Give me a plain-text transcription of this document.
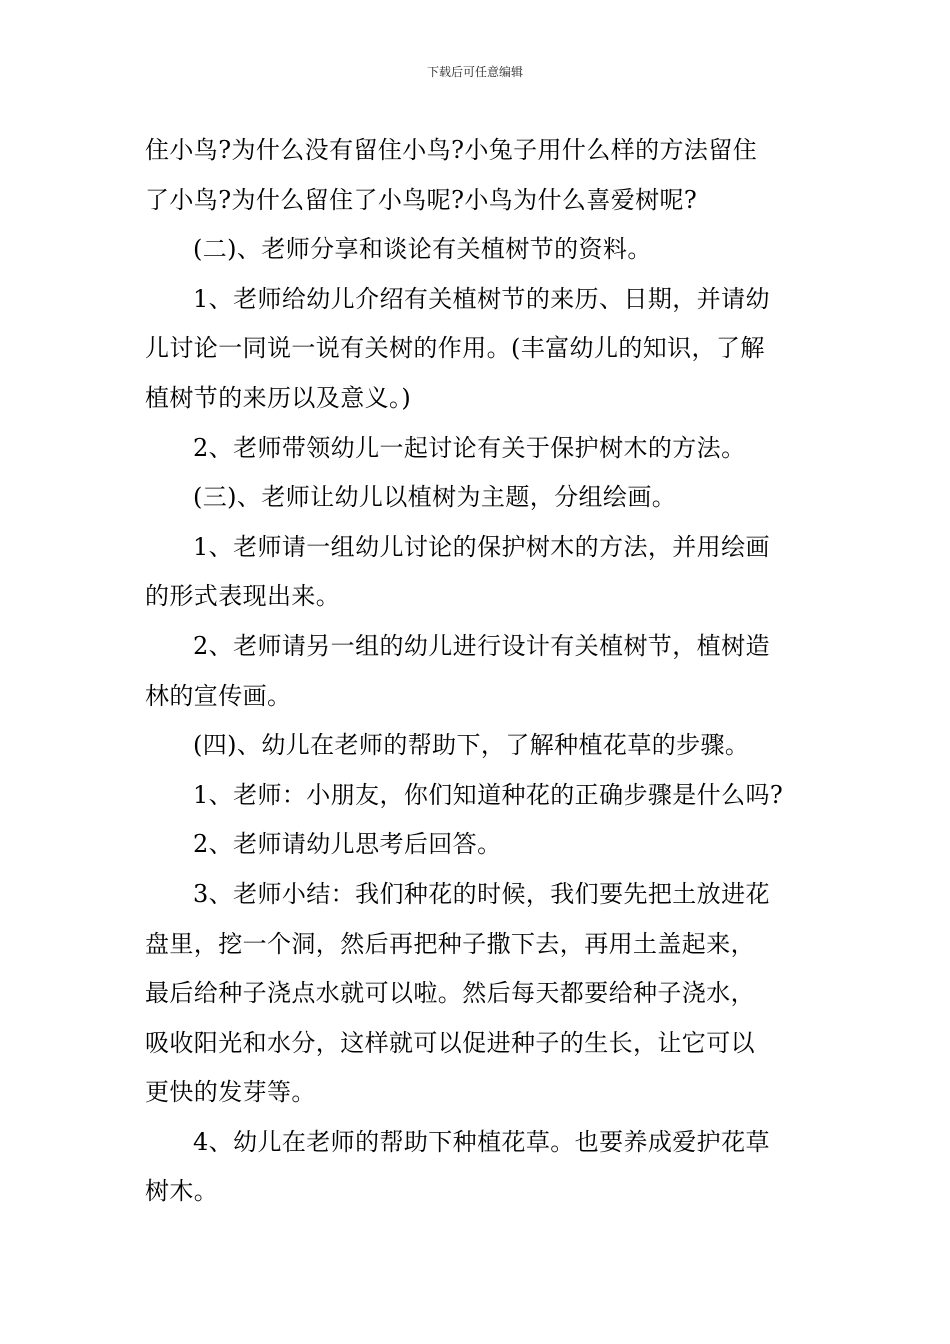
下载后可任意编辑
住小鸟?为什么没有留住小鸟?小兔子用什么样的方法留住
了小鸟?为什么留住了小鸟呢?小鸟为什么喜爱树呢?
(二)、老师分享和谈论有关植树节的资料。
1、老师给幼儿介绍有关植树节的来历、日期，并请幼
儿讨论一同说一说有关树的作用。(丰富幼儿的知识，了解
植树节的来历以及意义。)
2、老师带领幼儿一起讨论有关于保护树木的方法。
(三)、老师让幼儿以植树为主题，分组绘画。
1、老师请一组幼儿讨论的保护树木的方法，并用绘画
的形式表现出来。
2、老师请另一组的幼儿进行设计有关植树节，植树造
林的宣传画。
(四)、幼儿在老师的帮助下，了解种植花草的步骤。
1、老师：小朋友，你们知道种花的正确步骤是什么吗?
2、老师请幼儿思考后回答。
3、老师小结：我们种花的时候，我们要先把土放进花
盘里，挖一个洞，然后再把种子撒下去，再用土盖起来，
最后给种子浇点水就可以啦。然后每天都要给种子浇水，
吸收阳光和水分，这样就可以促进种子的生长，让它可以
更快的发芽等。
4、幼儿在老师的帮助下种植花草。也要养成爱护花草
树木。
